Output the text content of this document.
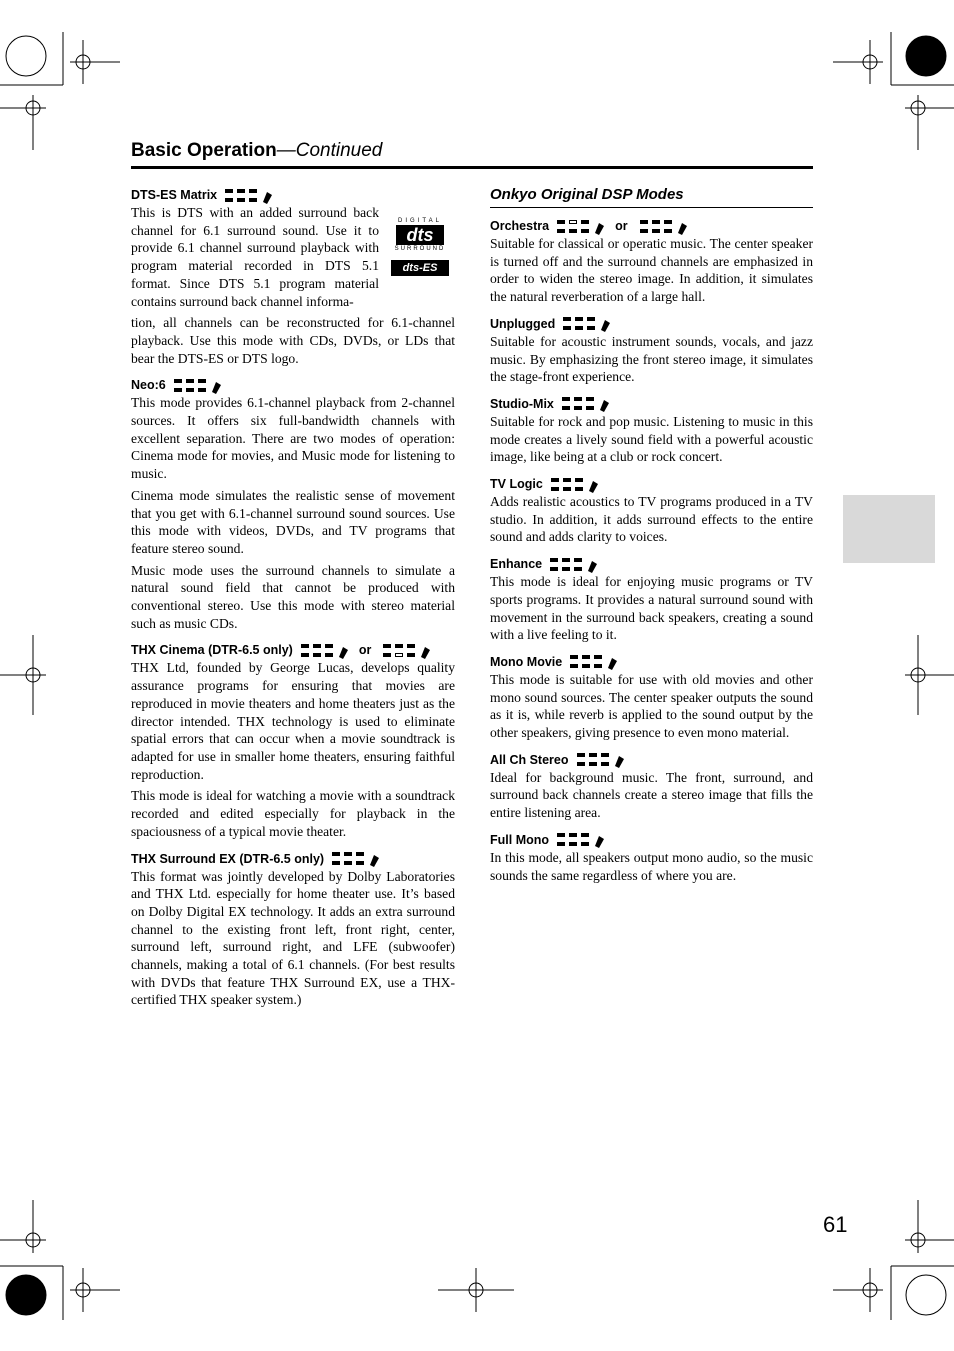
Basic Operation—Continued
DIGITAL
dts
SURROUND
dts-ES
DTS-ES Matrix

This is DTS with an added surround back channel for 6.1 surround sound. Use it to provide 6.1 channel surround playback with program material recorded in DTS 5.1 format. Since DTS 5.1 program material contains surround back channel informa-

tion, all channels can be reconstructed for 6.1-channel playback. Use this mode with CDs, DVDs, or LDs that bear the DTS-ES or DTS logo.

Neo:6

This mode provides 6.1-channel playback from 2-channel sources. It offers six full-bandwidth channels with excellent separation. There are two modes of operation: Cinema mode for movies, and Music mode for listening to music.

Cinema mode simulates the realistic sense of movement that you get with 6.1-channel surround sound sources. Use this mode with videos, DVDs, and TV programs that feature stereo sound.

Music mode uses the surround channels to simulate a natural sound field that cannot be produced with conventional stereo. Use this mode with stereo material such as music CDs.

THX Cinema (DTR-6.5 only)	or

THX Ltd, founded by George Lucas, develops quality assurance programs for ensuring that movies are reproduced in movie theaters and home theaters just as the director intended. THX technology is used to eliminate spatial errors that can occur when a movie soundtrack is adapted for use in smaller home theaters, ensuring faithful reproduction.

This mode is ideal for watching a movie with a soundtrack recorded and edited especially for playback in the spaciousness of a typical movie theater.

THX Surround EX (DTR-6.5 only)

This format was jointly developed by Dolby Laboratories and THX Ltd. especially for home theater use. It’s based on Dolby Digital EX technology. It adds an extra surround channel to the existing front left, front right, center, surround left, surround right, and LFE (subwoofer) channels, making a total of 6.1 channels. (For best results with DVDs that feature THX Surround EX, use a THX-certified THX speaker system.)

Onkyo Original DSP Modes
Orchestra	or

Suitable for classical or operatic music. The center speaker is turned off and the surround channels are emphasized in order to widen the stereo image. In addition, it simulates the natural reverberation of a large hall.

Unplugged

Suitable for acoustic instrument sounds, vocals, and jazz music. By emphasizing the front stereo image, it simulates the stage-front experience.

Studio-Mix

Suitable for rock and pop music. Listening to music in this mode creates a lively sound field with a powerful acoustic image, like being at a club or rock concert.

TV Logic

Adds realistic acoustics to TV programs produced in a TV studio. In addition, it adds surround effects to the entire sound and adds clarity to voices.

Enhance

This mode is ideal for enjoying music programs or TV sports programs. It provides a natural surround sound with movement in the surround back speakers, creating a sound with a live feeling to it.

Mono Movie

This mode is suitable for use with old movies and other mono sound sources. The center speaker outputs the sound as it is, while reverb is applied to the sound output by the other speakers, giving presence to even mono material.

All Ch Stereo

Ideal for background music. The front, surround, and surround back channels create a stereo image that fills the entire listening area.

Full Mono

In this mode, all speakers output mono audio, so the music sounds the same regardless of where you are.

61
